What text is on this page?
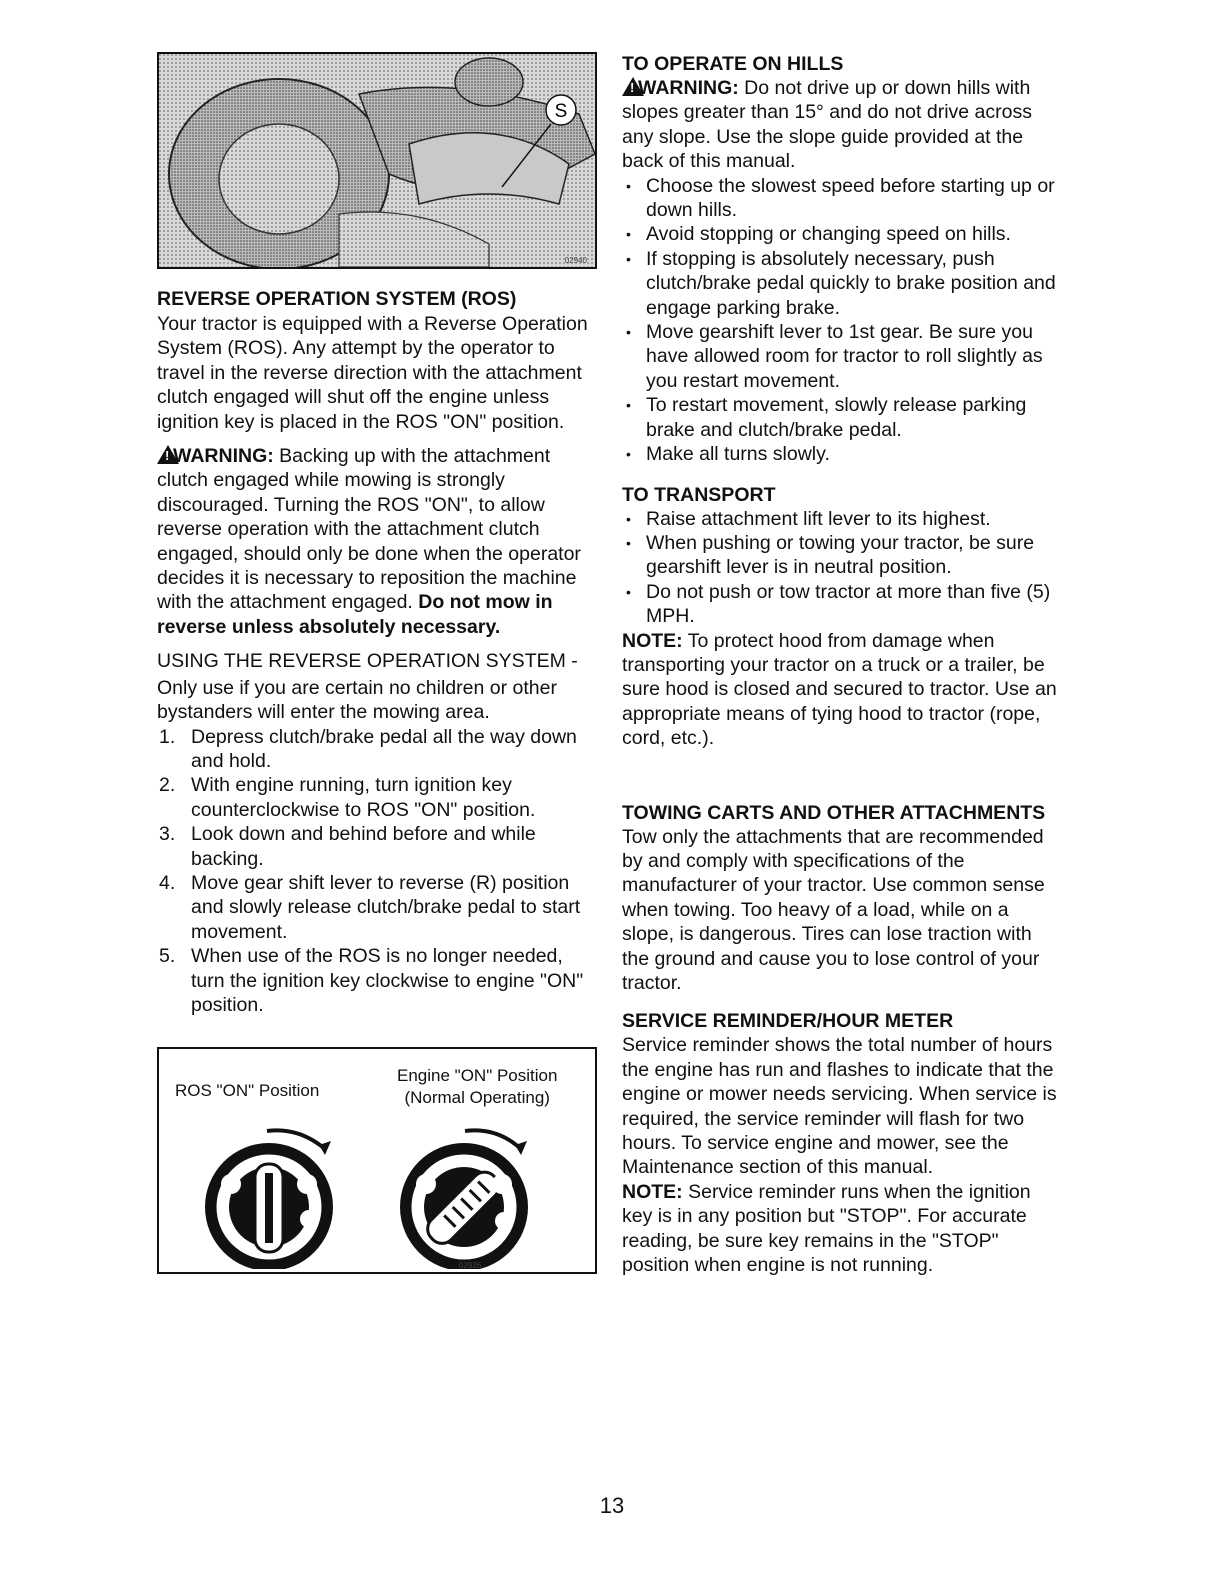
S
02940
REVERSE OPERATION SYSTEM (ROS)

Your tractor is equipped with a Reverse Operation System (ROS). Any attempt by the operator to travel in the reverse direction with the attachment clutch engaged will shut off the engine unless ignition key is placed in the ROS "ON" position.

!WARNING: Backing up with the attachment clutch engaged while mowing is strongly discouraged. Turning the ROS "ON", to allow reverse operation with the attachment clutch engaged, should only be done when the operator decides it is necessary to reposition the machine with the attachment engaged. Do not mow in reverse unless absolutely necessary.

USING THE REVERSE OPERATION SYSTEM -

Only use if you are certain no children or other bystanders will enter the mowing area.

1. Depress clutch/brake pedal all the way down and hold.
2. With engine running, turn ignition key counterclockwise to ROS "ON" position.
3. Look down and behind before and while backing.
4. Move gear shift lever to reverse (R) position and slowly release clutch/brake pedal to start movement.
5. When use of the ROS is no longer needed, turn the ignition key clockwise to engine "ON" position.
ROS "ON" Position
Engine "ON" Position
(Normal Operating)
02926
TO OPERATE ON HILLS

!WARNING: Do not drive up or down hills with slopes greater than 15° and do not drive across any slope. Use the slope guide provided at the back of this manual.

• Choose the slowest speed before starting up or down hills.
• Avoid stopping or changing speed on hills.
• If stopping is absolutely necessary, push clutch/brake pedal quickly to brake position and engage parking brake.
• Move gearshift lever to 1st gear. Be sure you have allowed room for tractor to roll slightly as you restart movement.
• To restart movement, slowly release parking brake and clutch/brake pedal.
• Make all turns slowly.
TO TRANSPORT
• Raise attachment lift lever to its highest.
• When pushing or towing your tractor, be sure gearshift lever is in neutral position.
• Do not push or tow tractor at more than five (5) MPH.

NOTE: To protect hood from damage when transporting your tractor on a truck or a trailer, be sure hood is closed and secured to tractor. Use an appropriate means of tying hood to tractor (rope, cord, etc.).

TOWING CARTS AND OTHER ATTACHMENTS

Tow only the attachments that are recommended by and comply with specifications of the manufacturer of your tractor. Use common sense when towing. Too heavy of a load, while on a slope, is dangerous. Tires can lose traction with the ground and cause you to lose control of your tractor.

SERVICE REMINDER/HOUR METER

Service reminder shows the total number of hours the engine has run and flashes to indicate that the engine or mower needs servicing. When service is required, the service reminder will flash for two hours. To service engine and mower, see the Maintenance section of this manual.

NOTE: Service reminder runs when the ignition key is in any position but "STOP". For accurate reading, be sure key remains in the "STOP" position when engine is not running.

13
